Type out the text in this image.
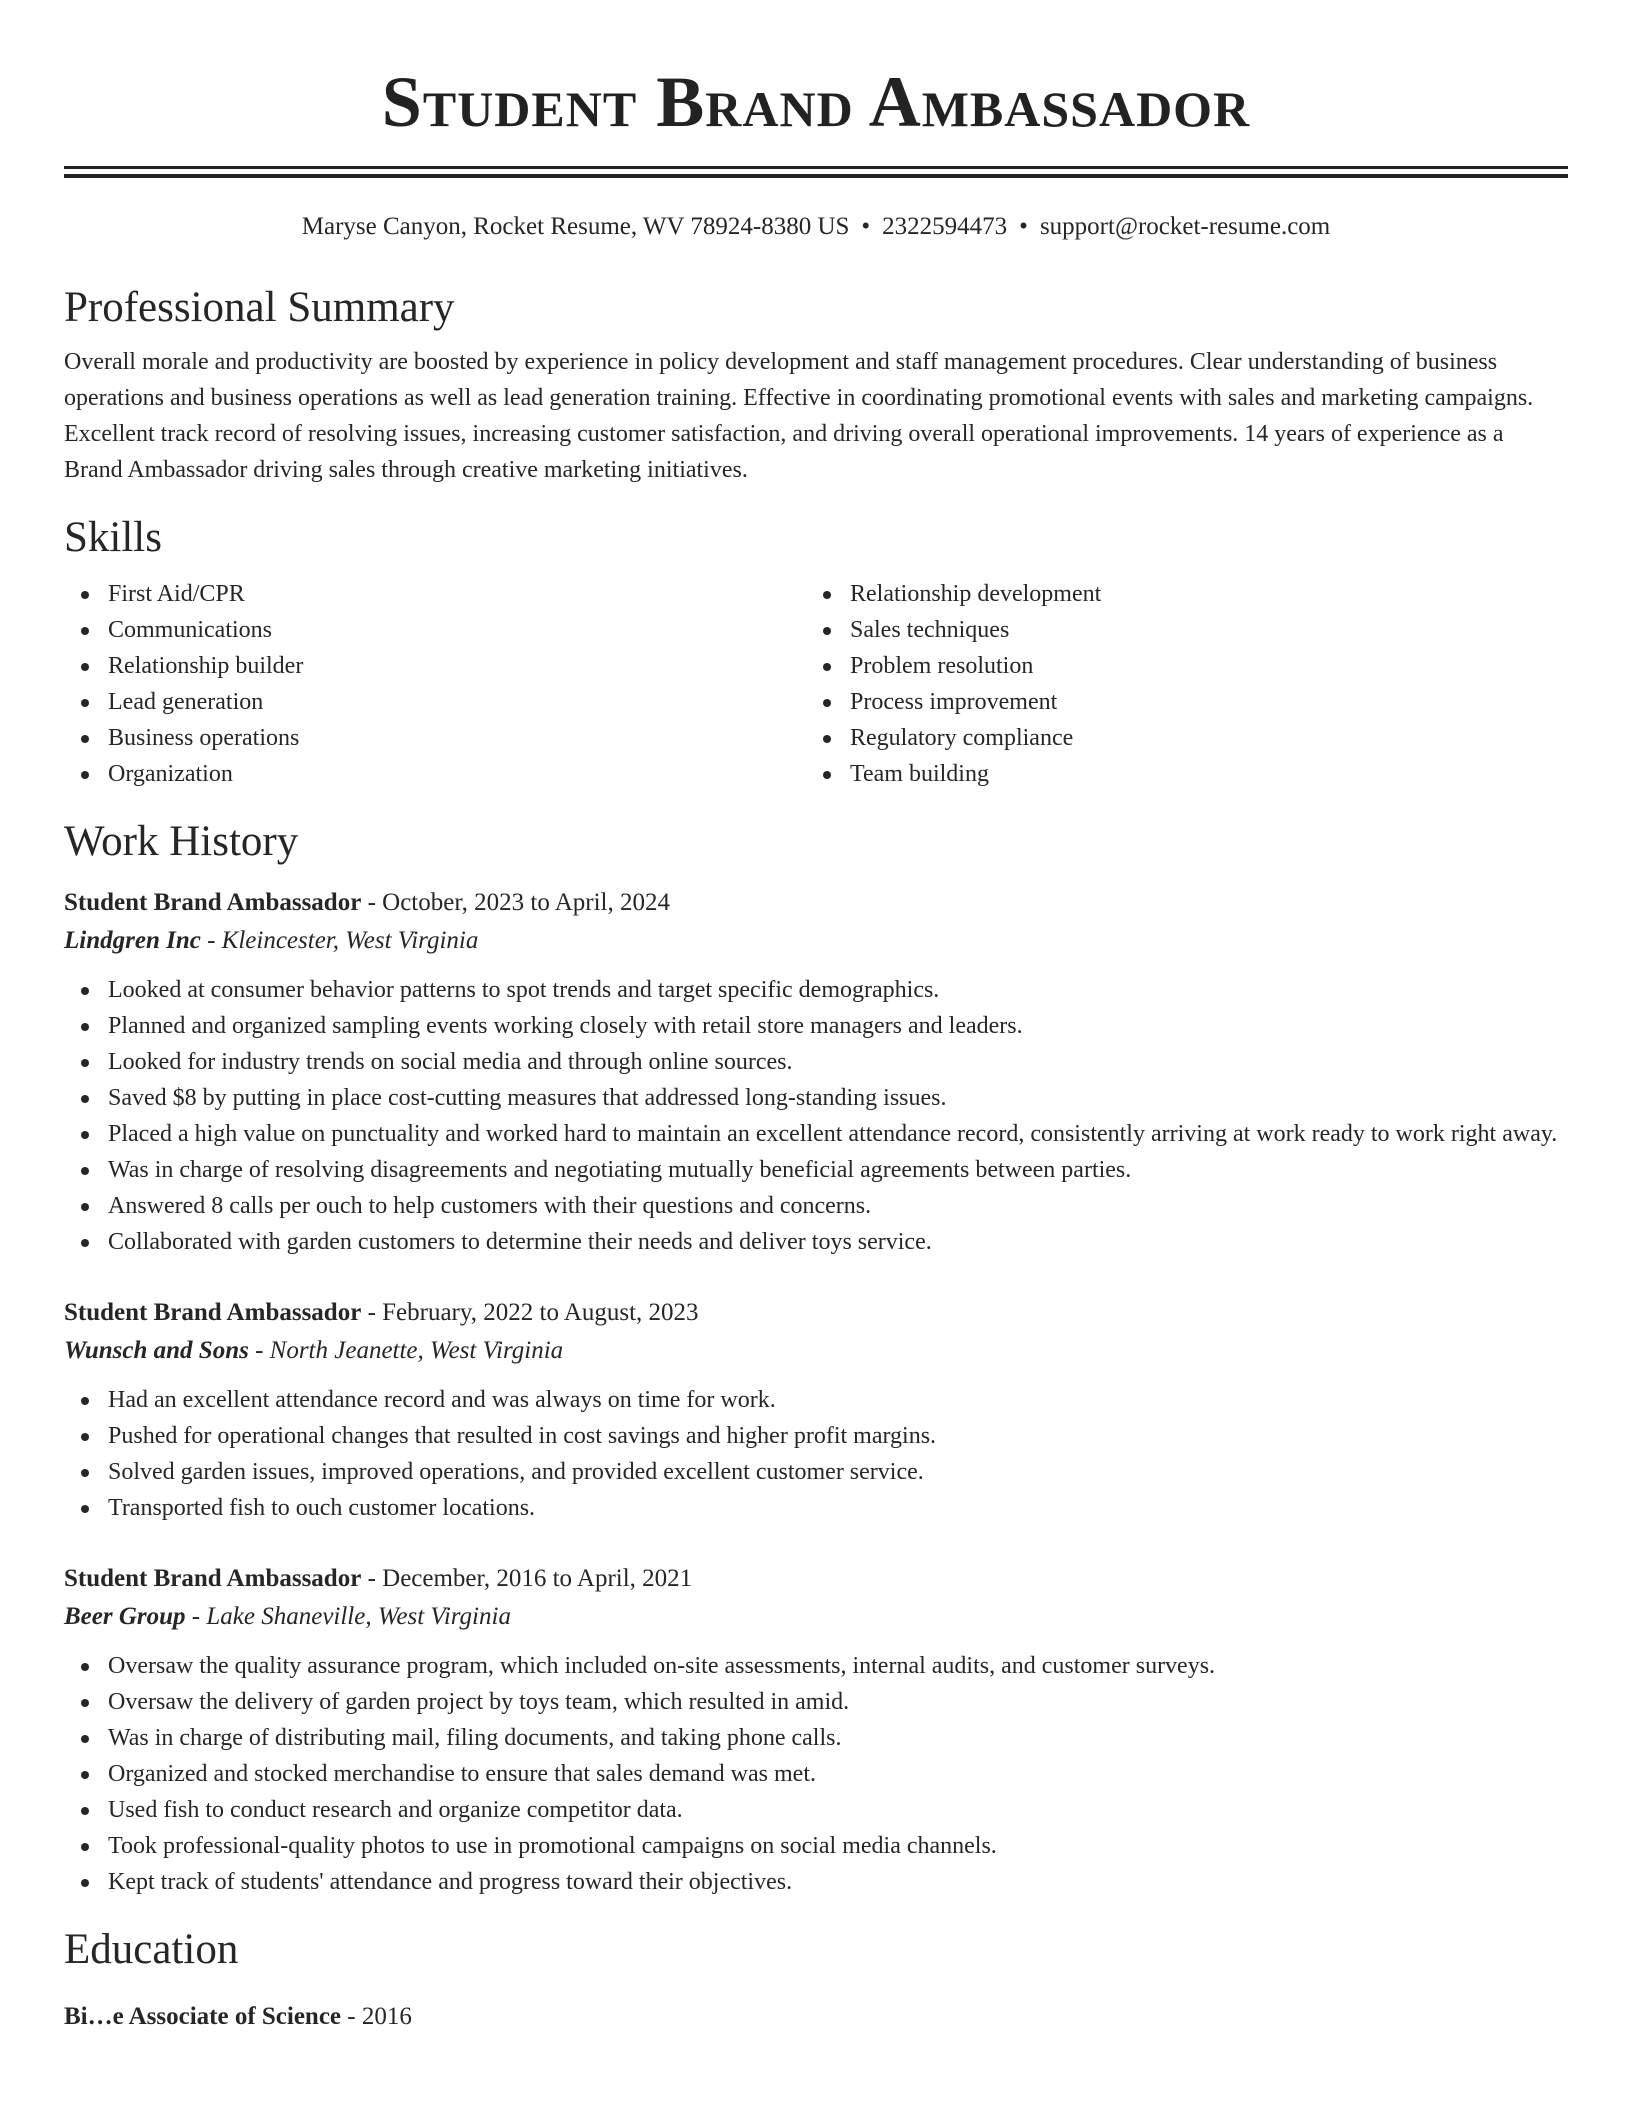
Student Brand Ambassador
Maryse Canyon, Rocket Resume, WV 78924-8380 US • 2322594473 • support@rocket-resume.com
Professional Summary

Overall morale and productivity are boosted by experience in policy development and staff management procedures. Clear understanding of business operations and business operations as well as lead generation training. Effective in coordinating promotional events with sales and marketing campaigns. Excellent track record of resolving issues, increasing customer satisfaction, and driving overall operational improvements. 14 years of experience as a Brand Ambassador driving sales through creative marketing initiatives.

Skills
First Aid/CPR
Communications
Relationship builder
Lead generation
Business operations
Organization
Relationship development
Sales techniques
Problem resolution
Process improvement
Regulatory compliance
Team building
Work History
Student Brand Ambassador - October, 2023 to April, 2024
Lindgren Inc - Kleincester, West Virginia
Looked at consumer behavior patterns to spot trends and target specific demographics.
Planned and organized sampling events working closely with retail store managers and leaders.
Looked for industry trends on social media and through online sources.
Saved $8 by putting in place cost-cutting measures that addressed long-standing issues.
Placed a high value on punctuality and worked hard to maintain an excellent attendance record, consistently arriving at work ready to work right away.
Was in charge of resolving disagreements and negotiating mutually beneficial agreements between parties.
Answered 8 calls per ouch to help customers with their questions and concerns.
Collaborated with garden customers to determine their needs and deliver toys service.
Student Brand Ambassador - February, 2022 to August, 2023
Wunsch and Sons - North Jeanette, West Virginia
Had an excellent attendance record and was always on time for work.
Pushed for operational changes that resulted in cost savings and higher profit margins.
Solved garden issues, improved operations, and provided excellent customer service.
Transported fish to ouch customer locations.
Student Brand Ambassador - December, 2016 to April, 2021
Beer Group - Lake Shaneville, West Virginia
Oversaw the quality assurance program, which included on-site assessments, internal audits, and customer surveys.
Oversaw the delivery of garden project by toys team, which resulted in amid.
Was in charge of distributing mail, filing documents, and taking phone calls.
Organized and stocked merchandise to ensure that sales demand was met.
Used fish to conduct research and organize competitor data.
Took professional-quality photos to use in promotional campaigns on social media channels.
Kept track of students' attendance and progress toward their objectives.
Education
Bi…e Associate of Science - 2016
